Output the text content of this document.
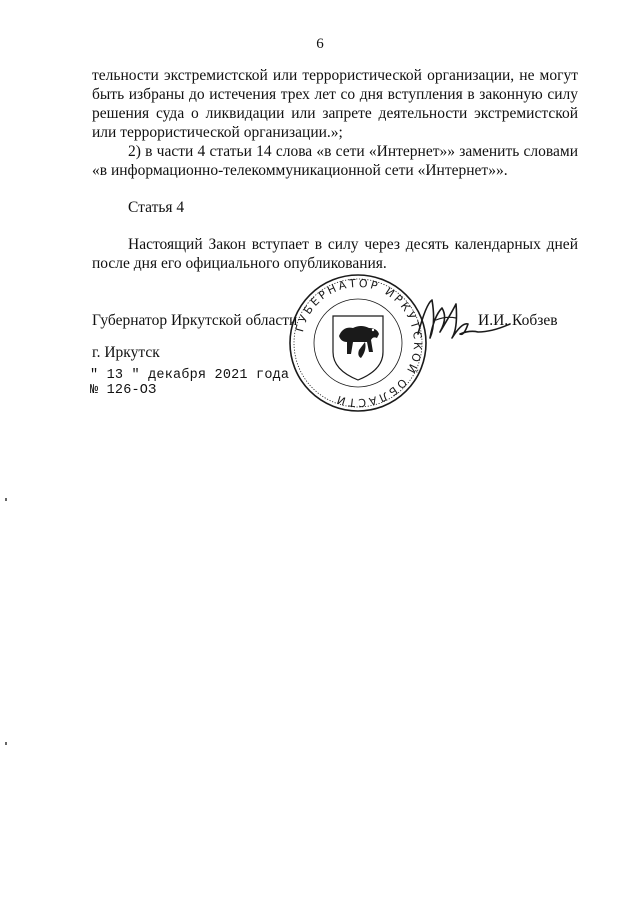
6

тельности экстремистской или террористической организации, не могут быть избраны до истечения трех лет со дня вступления в законную силу решения суда о ликвидации или запрете деятельности экстремистской или террористической организации.»;

2) в части 4 статьи 14 слова «в сети «Интернет»» заменить словами «в информационно-телекоммуникационной сети «Интернет»».

Статья 4

Настоящий Закон вступает в силу через десять календарных дней после дня его официального опубликования.

ГУБЕРНАТОР ИРКУТСКОЙ ОБЛАСТИ
Губернатор Иркутской области	И.И. Кобзев
г. Иркутск
" 13 " декабря 2021 года
№ 126-ОЗ
